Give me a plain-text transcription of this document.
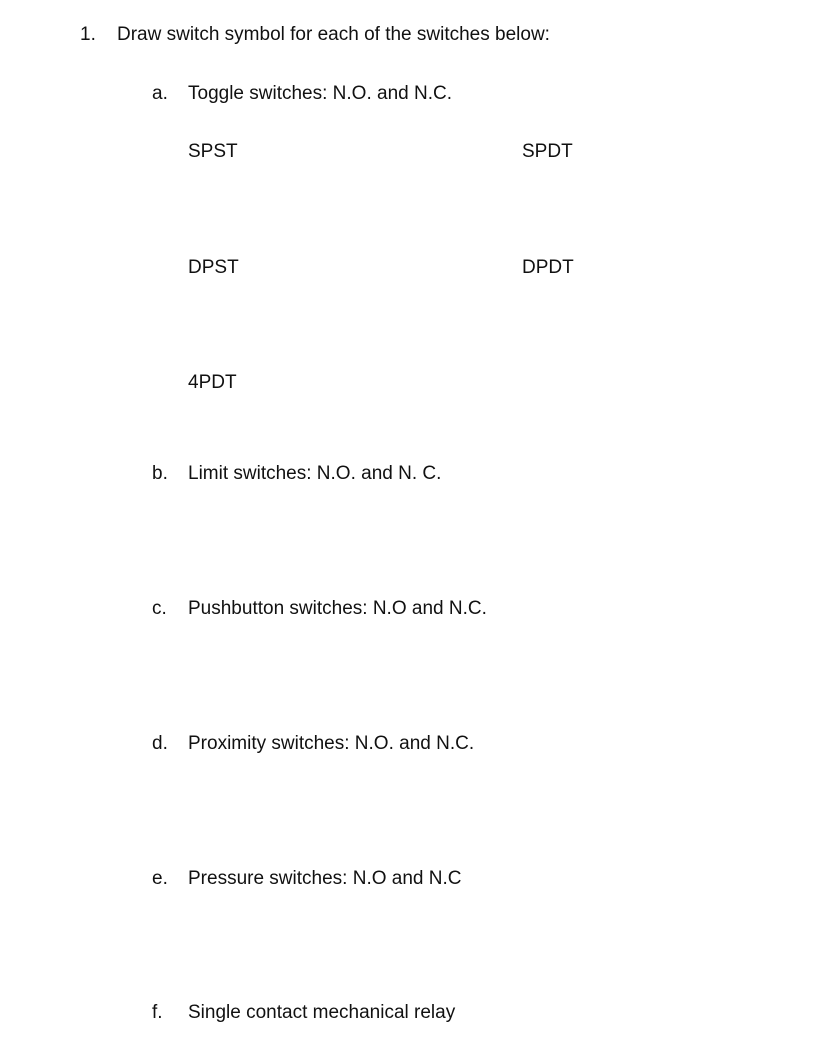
1. Draw switch symbol for each of the switches below:
a. Toggle switches: N.O. and N.C.
SPST	SPDT
DPST	DPDT
4PDT
b. Limit switches: N.O. and N. C.
c. Pushbutton switches: N.O and N.C.
d. Proximity switches: N.O. and N.C.
e. Pressure switches: N.O and N.C
f. Single contact mechanical relay
